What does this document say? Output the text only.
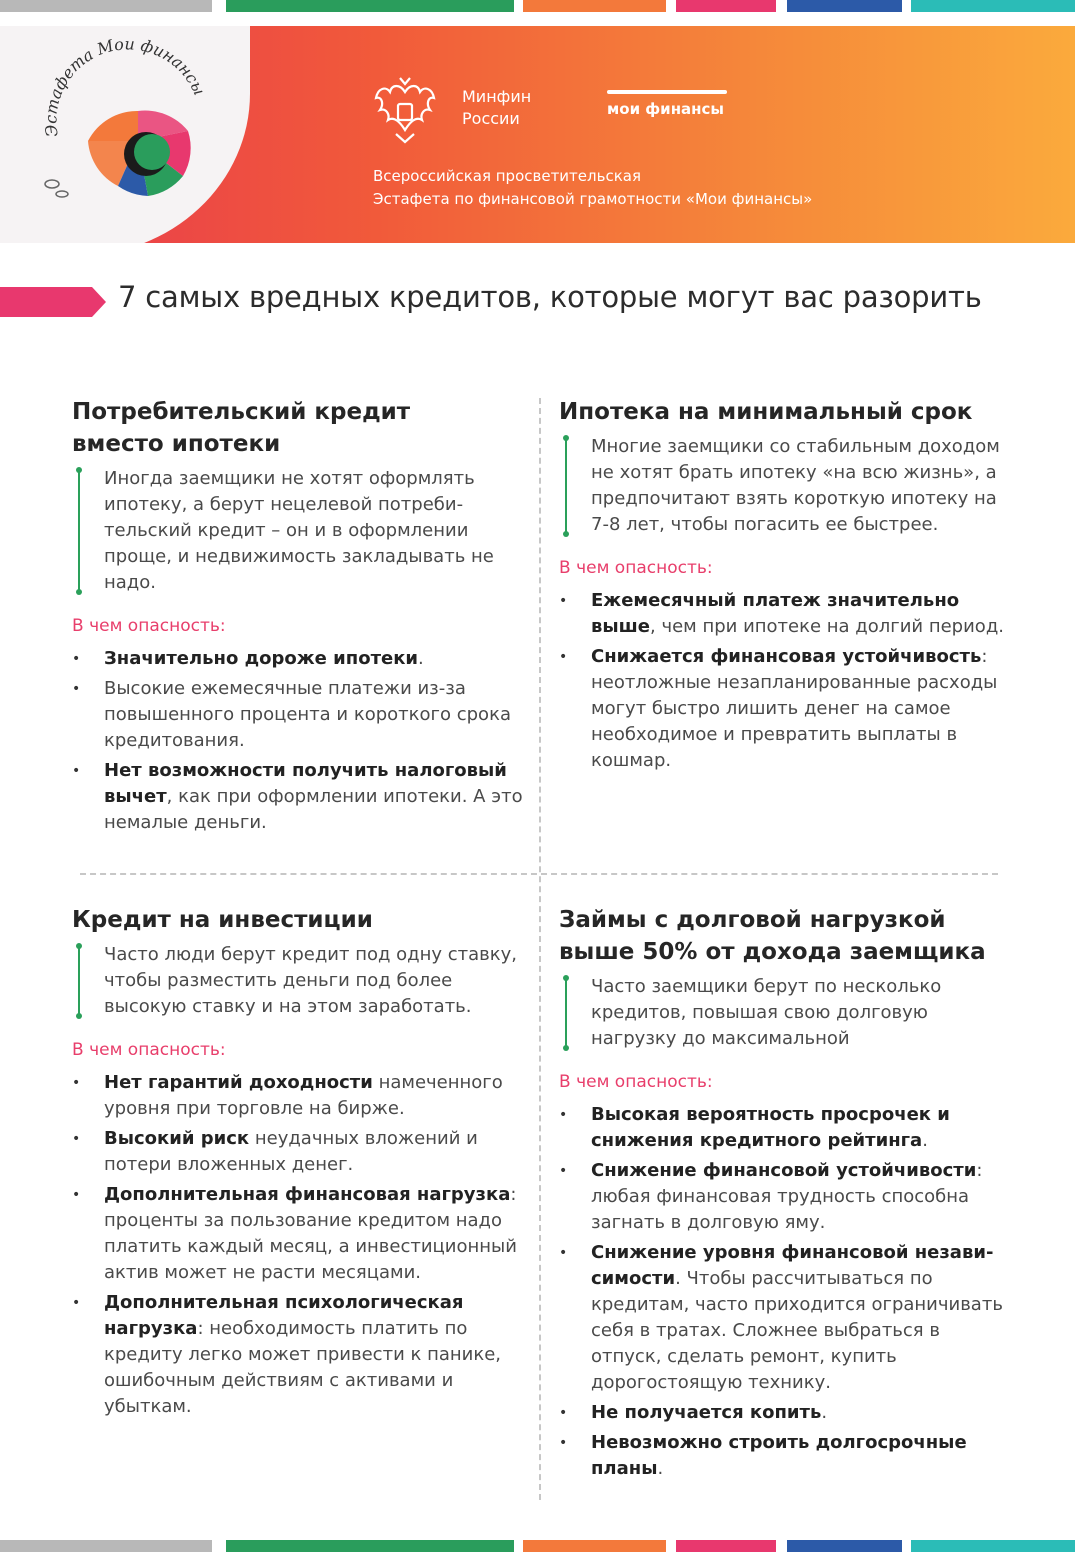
Эстафета Мои финансы	Минфин
России	мои финансы
Всероссийская просветительская
Эстафета по финансовой грамотности «Мои финансы»
7 самых вредных кредитов, которые могут вас разорить
Потребительский кредит
вместо ипотеки
Иногда заемщики не хотят оформлять ипотеку, а берут нецелевой потреби-тельский кредит – он и в оформлении проще, и недвижимость закладывать не надо.
В чем опасность:
• Значительно дороже ипотеки.
• Высокие ежемесячные платежи из-за повышенного процента и короткого срока кредитования.
• Нет возможности получить налоговый вычет, как при оформлении ипотеки. А это немалые деньги.
Ипотека на минимальный срок
Многие заемщики со стабильным доходом не хотят брать ипотеку «на всю жизнь», а предпочитают взять короткую ипотеку на 7-8 лет, чтобы погасить ее быстрее.
В чем опасность:
• Ежемесячный платеж значительно выше, чем при ипотеке на долгий период.
• Снижается финансовая устойчивость: неотложные незапланированные расходы могут быстро лишить денег на самое необходимое и превратить выплаты в кошмар.
Кредит на инвестиции
Часто люди берут кредит под одну ставку, чтобы разместить деньги под более высокую ставку и на этом заработать.
В чем опасность:
• Нет гарантий доходности намеченного уровня при торговле на бирже.
• Высокий риск неудачных вложений и потери вложенных денег.
• Дополнительная финансовая нагрузка: проценты за пользование кредитом надо платить каждый месяц, а инвестиционный актив может не расти месяцами.
• Дополнительная психологическая нагрузка: необходимость платить по кредиту легко может привести к панике, ошибочным действиям с активами и убыткам.
Займы с долговой нагрузкой
выше 50% от дохода заемщика
Часто заемщики берут по несколько кредитов, повышая свою долговую нагрузку до максимальной
В чем опасность:
• Высокая вероятность просрочек и снижения кредитного рейтинга.
• Снижение финансовой устойчивости: любая финансовая трудность способна загнать в долговую яму.
• Снижение уровня финансовой незави-симости. Чтобы рассчитываться по кредитам, часто приходится ограничивать себя в тратах. Сложнее выбраться в отпуск, сделать ремонт, купить дорогостоящую технику.
• Не получается копить.
• Невозможно строить долгосрочные планы.
